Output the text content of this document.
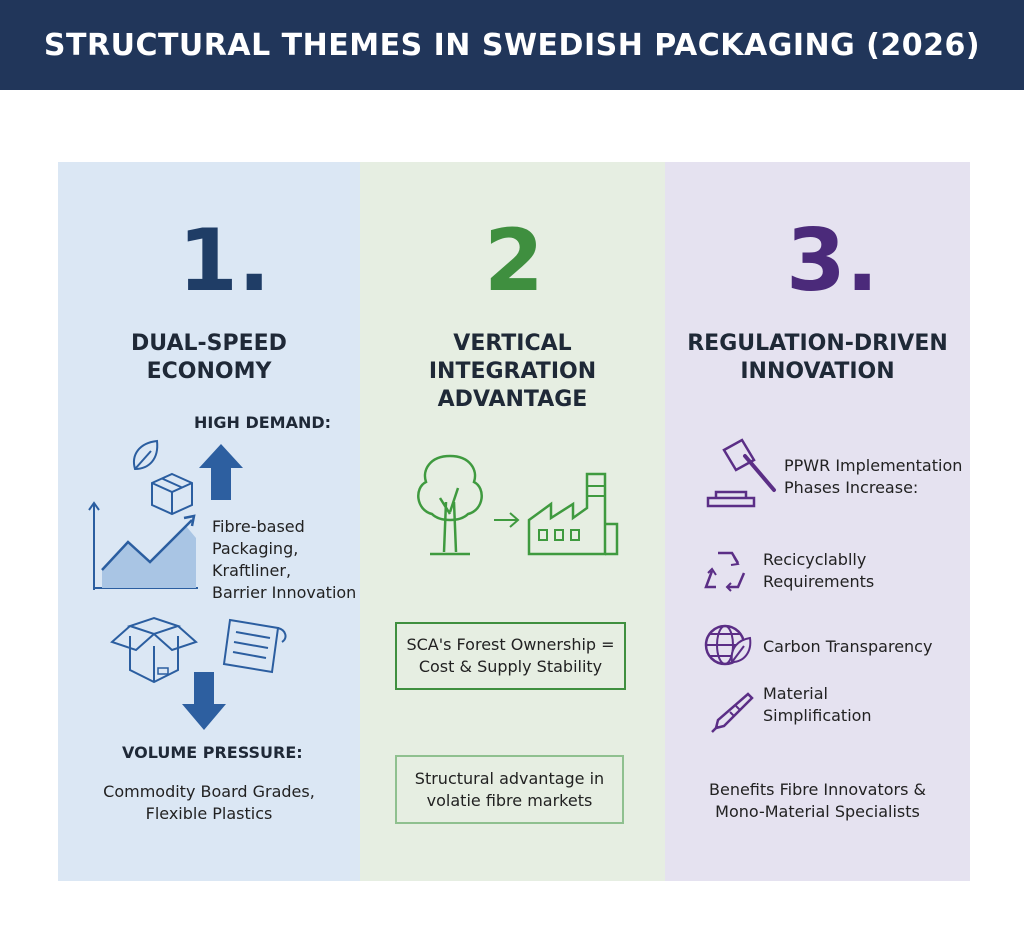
STRUCTURAL THEMES IN SWEDISH PACKAGING (2026)
1.
DUAL-SPEED
ECONOMY
HIGH DEMAND:
Fibre-based
Packaging,
Kraftliner,
Barrier Innovation
VOLUME PRESSURE:
Commodity Board Grades,
Flexible Plastics
2
VERTICAL
INTEGRATION
ADVANTAGE
SCA's Forest Ownership =
Cost & Supply Stability
Structural advantage in
volatie fibre markets
3.
REGULATION-DRIVEN
INNOVATION
PPWR Implementation
Phases Increase:
Recicyclablly
Requirements
Carbon Transparency
Material
Simplification
Benefits Fibre Innovators &
Mono-Material Specialists
